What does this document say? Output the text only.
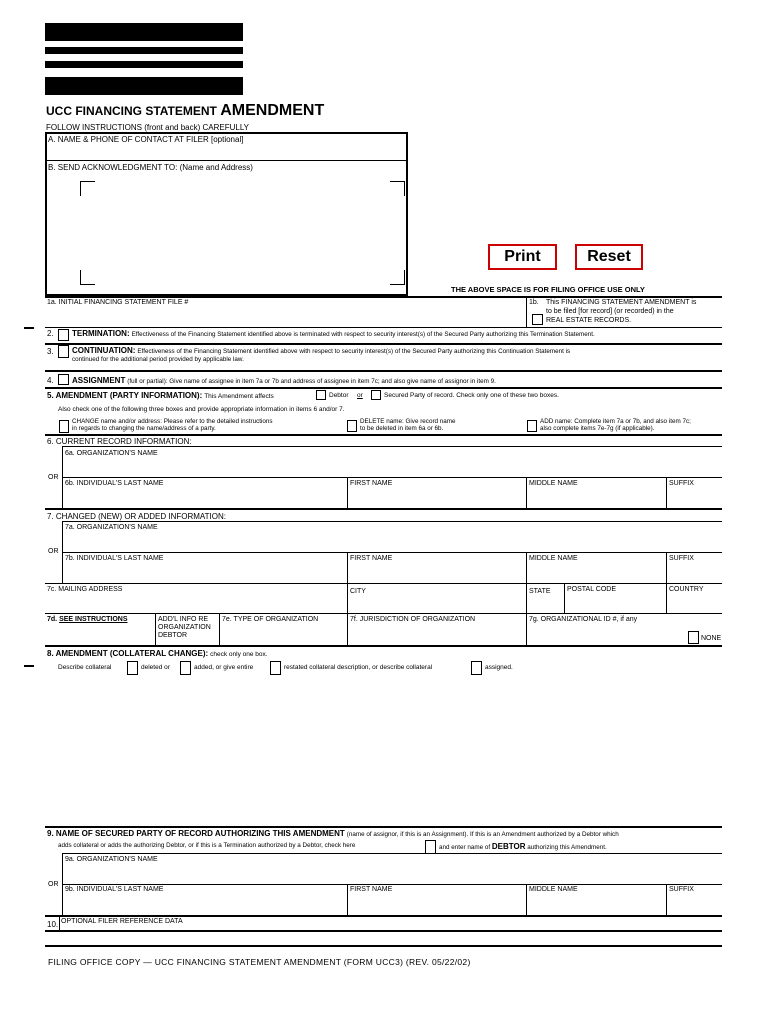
UCC FINANCING STATEMENT AMENDMENT
FOLLOW INSTRUCTIONS (front and back) CAREFULLY
A. NAME & PHONE OF CONTACT AT FILER [optional]
B. SEND ACKNOWLEDGMENT TO: (Name and Address)
Print	Reset
THE ABOVE SPACE IS FOR FILING OFFICE USE ONLY
1a. INITIAL FINANCING STATEMENT FILE #	1b. This FINANCING STATEMENT AMENDMENT is
to be filed [for record] (or recorded) in the
REAL ESTATE RECORDS.
2. TERMINATION: Effectiveness of the Financing Statement identified above is terminated with respect to security interest(s) of the Secured Party authorizing this Termination Statement.
3. CONTINUATION: Effectiveness of the Financing Statement identified above with respect to security interest(s) of the Secured Party authorizing this Continuation Statement is
continued for the additional period provided by applicable law.
4. ASSIGNMENT (full or partial): Give name of assignee in item 7a or 7b and address of assignee in item 7c; and also give name of assignor in item 9.
5. AMENDMENT (PARTY INFORMATION): This Amendment affects	Debtor or	Secured Party of record. Check only one of these two boxes.
Also check one of the following three boxes and provide appropriate information in items 6 and/or 7.
CHANGE name and/or address: Please refer to the detailed instructions
in regards to changing the name/address of a party.
DELETE name: Give record name
to be deleted in item 6a or 6b.
ADD name: Complete item 7a or 7b, and also item 7c;
also complete items 7e-7g (if applicable).
6. CURRENT RECORD INFORMATION:
6a. ORGANIZATION'S NAME
OR
6b. INDIVIDUAL'S LAST NAME	FIRST NAME	MIDDLE NAME	SUFFIX
7. CHANGED (NEW) OR ADDED INFORMATION:
7a. ORGANIZATION'S NAME
OR
7b. INDIVIDUAL'S LAST NAME	FIRST NAME	MIDDLE NAME	SUFFIX
7c. MAILING ADDRESS	CITY	STATE POSTAL CODE	COUNTRY
7d. SEE INSTRUCTIONS	ADD'L INFO RE
ORGANIZATION
DEBTOR
7e. TYPE OF ORGANIZATION	7f. JURISDICTION OF ORGANIZATION	7g. ORGANIZATIONAL ID #, if any
NONE
8. AMENDMENT (COLLATERAL CHANGE): check only one box.
Describe collateral	deleted or	added, or give entire	restated collateral description, or describe collateral	assigned.
9. NAME OF SECURED PARTY OF RECORD AUTHORIZING THIS AMENDMENT (name of assignor, if this is an Assignment). If this is an Amendment authorized by a Debtor which
adds collateral or adds the authorizing Debtor, or if this is a Termination authorized by a Debtor, check here	and enter name of DEBTOR authorizing this Amendment.
9a. ORGANIZATION'S NAME
OR
9b. INDIVIDUAL'S LAST NAME	FIRST NAME	MIDDLE NAME	SUFFIX
10. OPTIONAL FILER REFERENCE DATA
FILING OFFICE COPY — UCC FINANCING STATEMENT AMENDMENT (FORM UCC3) (REV. 05/22/02)
